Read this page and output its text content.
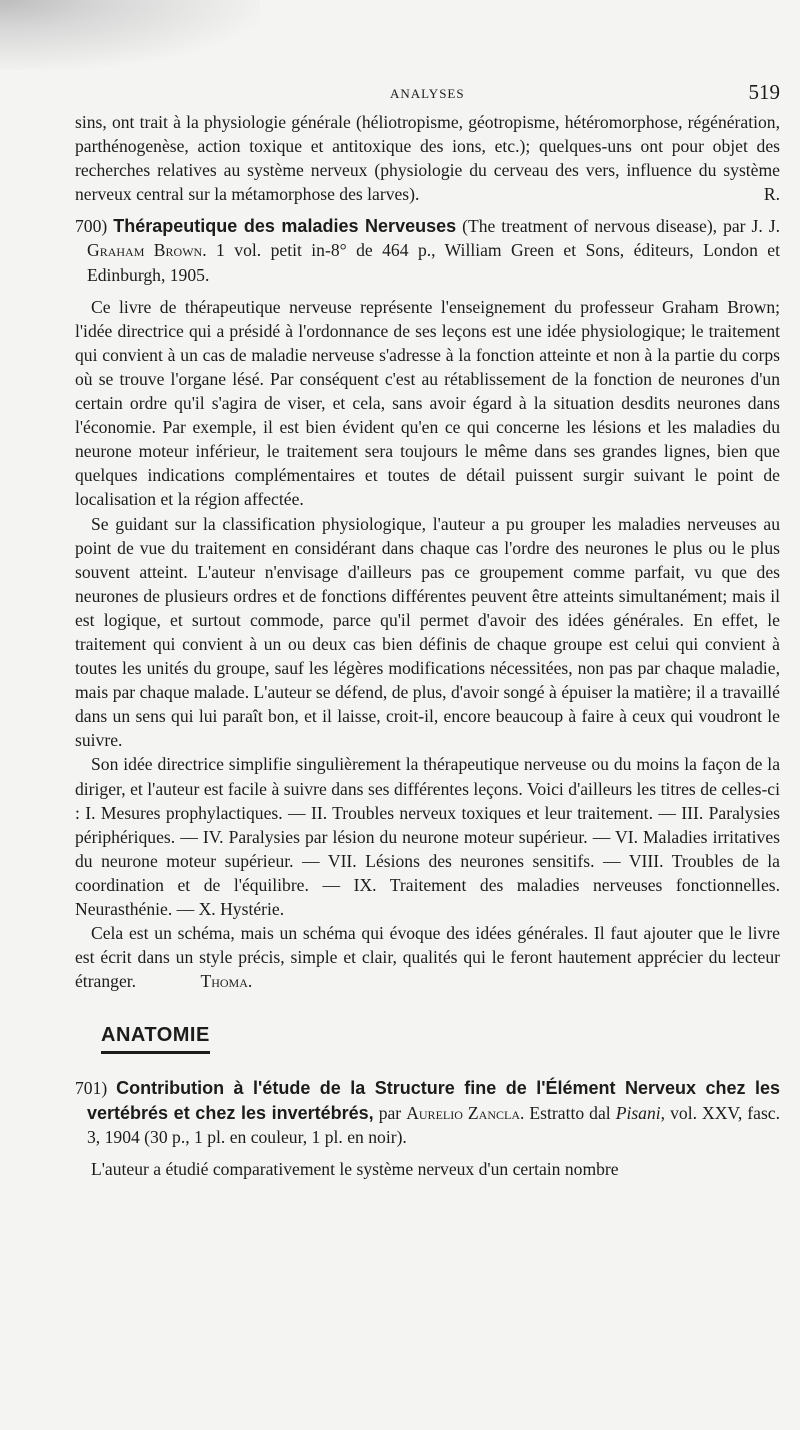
ANALYSES	519

sins, ont trait à la physiologie générale (héliotropisme, géotropisme, hétéromorphose, régénération, parthénogenèse, action toxique et antitoxique des ions, etc.); quelques-uns ont pour objet des recherches relatives au système nerveux (physiologie du cerveau des vers, influence du système nerveux central sur la métamorphose des larves).	R.

700) Thérapeutique des maladies Nerveuses (The treatment of nervous disease), par J. J. Graham Brown. 1 vol. petit in-8° de 464 p., William Green et Sons, éditeurs, London et Edinburgh, 1905.

Ce livre de thérapeutique nerveuse représente l'enseignement du professeur Graham Brown; l'idée directrice qui a présidé à l'ordonnance de ses leçons est une idée physiologique; le traitement qui convient à un cas de maladie nerveuse s'adresse à la fonction atteinte et non à la partie du corps où se trouve l'organe lésé. Par conséquent c'est au rétablissement de la fonction de neurones d'un certain ordre qu'il s'agira de viser, et cela, sans avoir égard à la situation desdits neurones dans l'économie. Par exemple, il est bien évident qu'en ce qui concerne les lésions et les maladies du neurone moteur inférieur, le traitement sera toujours le même dans ses grandes lignes, bien que quelques indications complémentaires et toutes de détail puissent surgir suivant le point de localisation et la région affectée.

Se guidant sur la classification physiologique, l'auteur a pu grouper les maladies nerveuses au point de vue du traitement en considérant dans chaque cas l'ordre des neurones le plus ou le plus souvent atteint. L'auteur n'envisage d'ailleurs pas ce groupement comme parfait, vu que des neurones de plusieurs ordres et de fonctions différentes peuvent être atteints simultanément; mais il est logique, et surtout commode, parce qu'il permet d'avoir des idées générales. En effet, le traitement qui convient à un ou deux cas bien définis de chaque groupe est celui qui convient à toutes les unités du groupe, sauf les légères modifications nécessitées, non pas par chaque maladie, mais par chaque malade. L'auteur se défend, de plus, d'avoir songé à épuiser la matière; il a travaillé dans un sens qui lui paraît bon, et il laisse, croit-il, encore beaucoup à faire à ceux qui voudront le suivre.

Son idée directrice simplifie singulièrement la thérapeutique nerveuse ou du moins la façon de la diriger, et l'auteur est facile à suivre dans ses différentes leçons. Voici d'ailleurs les titres de celles-ci : I. Mesures prophylactiques. — II. Troubles nerveux toxiques et leur traitement. — III. Paralysies périphériques. — IV. Paralysies par lésion du neurone moteur supérieur. — VI. Maladies irritatives du neurone moteur supérieur. — VII. Lésions des neurones sensitifs. — VIII. Troubles de la coordination et de l'équilibre. — IX. Traitement des maladies nerveuses fonctionnelles. Neurasthénie. — X. Hystérie.

Cela est un schéma, mais un schéma qui évoque des idées générales. Il faut ajouter que le livre est écrit dans un style précis, simple et clair, qualités qui le feront hautement apprécier du lecteur étranger.	Thoma.

ANATOMIE

701) Contribution à l'étude de la Structure fine de l'Élément Nerveux chez les vertébrés et chez les invertébrés, par Aurelio Zancla. Estratto dal Pisani, vol. XXV, fasc. 3, 1904 (30 p., 1 pl. en couleur, 1 pl. en noir).

L'auteur a étudié comparativement le système nerveux d'un certain nombre
